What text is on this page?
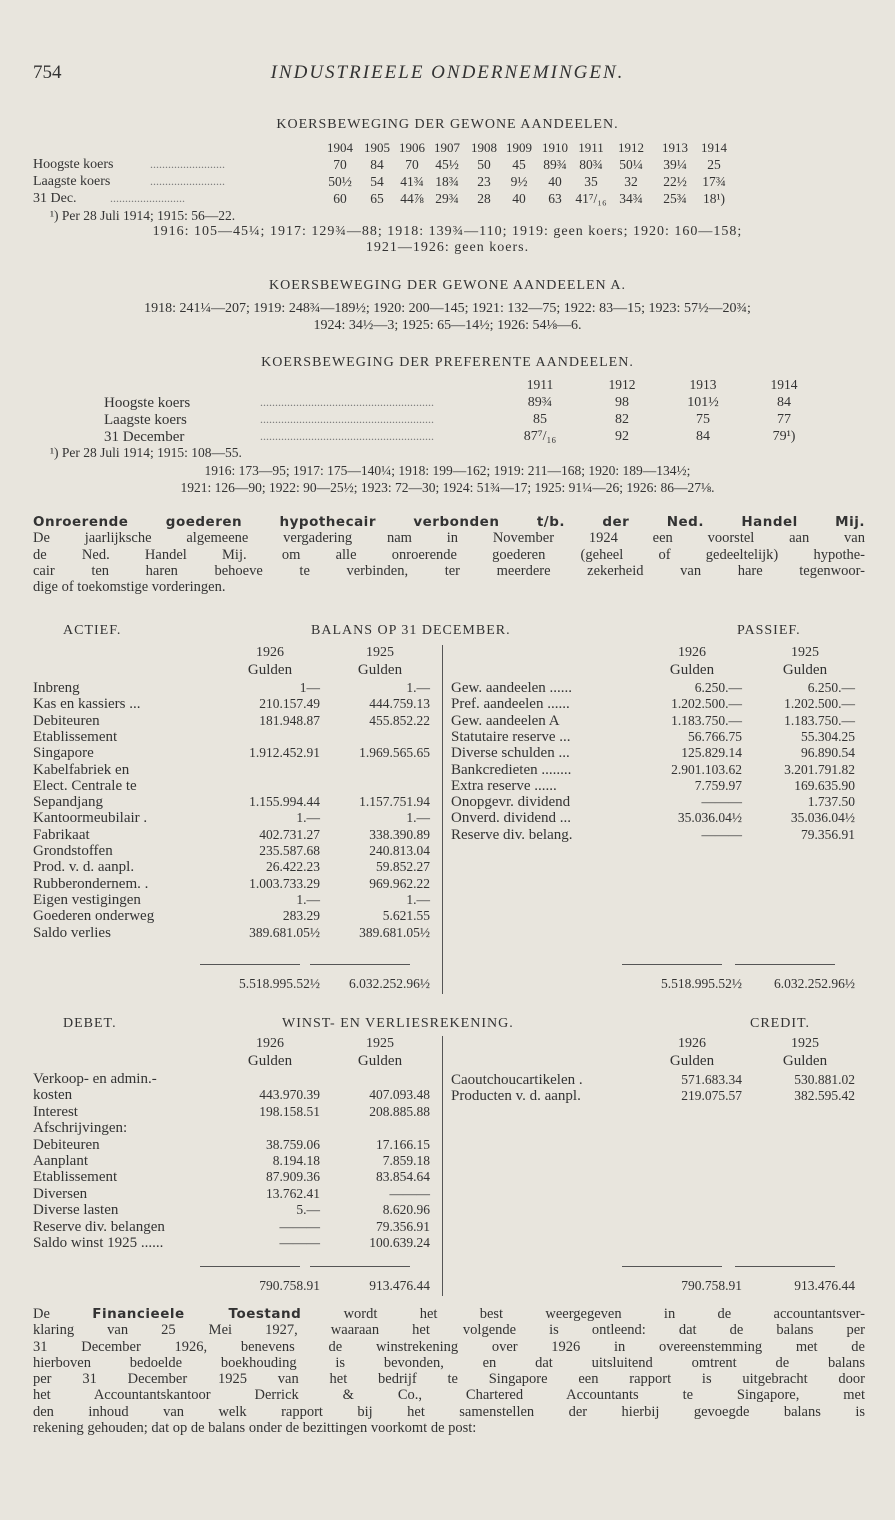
INDUSTRIEELE ONDERNEMINGEN.
754
KOERSBEWEGING DER GEWONE AANDEELEN.
1904 1905 1906 1907 1908 1909 1910 1911	1912	1913	1914
Hoogste koers	.........................	70	84	70	45½	50	45	89¾ 80¾	50¼	39¼	25
Laagste koers	.........................	50½	54	41¾ 18¾	23	9½	40	35	32	22½	17¾
31 Dec.	.........................	60	65	44⅞ 29¾	28	40	63	41⁷/₁₆ 34¾	25¾	18¹)
¹) Per 28 Juli 1914; 1915: 56—22.
1916: 105—45¼; 1917: 129¾—88; 1918: 139¾—110; 1919: geen koers; 1920: 160—158;
1921—1926: geen koers.
KOERSBEWEGING DER GEWONE AANDEELEN A.
1918: 241¼—207; 1919: 248¾—189½; 1920: 200—145; 1921: 132—75; 1922: 83—15; 1923: 57½—20¾;
1924: 34½—3; 1925: 65—14½; 1926: 54⅛—6.
KOERSBEWEGING DER PREFERENTE AANDEELEN.
1911	1912	1913	1914
Hoogste koers	..........................................................	89¾	98	101½	84
Laagste koers	..........................................................	85	82	75	77
31 December	..........................................................	87⁷/₁₆	92	84	79¹)
¹) Per 28 Juli 1914; 1915: 108—55.
1916: 173—95; 1917: 175—140¼; 1918: 199—162; 1919: 211—168; 1920: 189—134½;
1921: 126—90; 1922: 90—25½; 1923: 72—30; 1924: 51¾—17; 1925: 91¼—26; 1926: 86—27⅛.
Onroerende goederen hypothecair verbonden t/b. der Ned. Handel Mij.
De jaarlijksche algemeene vergadering nam in November 1924 een voorstel aan van
de Ned. Handel Mij. om alle onroerende goederen (geheel of gedeeltelijk) hypothe-
cair ten haren behoeve te verbinden, ter meerdere zekerheid van hare tegenwoor-
dige of toekomstige vorderingen.
ACTIEF.	BALANS OP 31 DECEMBER.	PASSIEF.
1926
Gulden
1925
Gulden
1926
Gulden
1925
Gulden
Inbreng	1—	1.—
Kas en kassiers ...	210.157.49	444.759.13
Debiteuren	181.948.87	455.852.22
Etablissement
Singapore	1.912.452.91	1.969.565.65
Kabelfabriek en
Elect. Centrale te
Sepandjang	1.155.994.44	1.157.751.94
Kantoormeubilair .	1.—	1.—
Fabrikaat	402.731.27	338.390.89
Grondstoffen	235.587.68	240.813.04
Prod. v. d. aanpl.	26.422.23	59.852.27
Rubberondernem. .	1.003.733.29	969.962.22
Eigen vestigingen	1.—	1.—
Goederen onderweg	283.29	5.621.55
Saldo verlies	389.681.05½	389.681.05½
Gew. aandeelen ......	6.250.—	6.250.—
Pref. aandeelen ......	1.202.500.—	1.202.500.—
Gew. aandeelen A	1.183.750.—	1.183.750.—
Statutaire reserve ...	56.766.75	55.304.25
Diverse schulden ...	125.829.14	96.890.54
Bankcredieten ........	2.901.103.62	3.201.791.82
Extra reserve ......	7.759.97	169.635.90
Onopgevr. dividend	———	1.737.50
Onverd. dividend ...	35.036.04½	35.036.04½
Reserve div. belang.	———	79.356.91
5.518.995.52½	6.032.252.96½	5.518.995.52½	6.032.252.96½
DEBET.	WINST- EN VERLIESREKENING.	CREDIT.
1926
Gulden
1925
Gulden
1926
Gulden
1925
Gulden
Verkoop- en admin.-
kosten	443.970.39	407.093.48
Interest	198.158.51	208.885.88
Afschrijvingen:
Debiteuren	38.759.06	17.166.15
Aanplant	8.194.18	7.859.18
Etablissement	87.909.36	83.854.64
Diversen	13.762.41	———
Diverse lasten	5.—	8.620.96
Reserve div. belangen	———	79.356.91
Saldo winst 1925 ......	———	100.639.24
Caoutchoucartikelen .	571.683.34	530.881.02
Producten v. d. aanpl.	219.075.57	382.595.42
790.758.91	913.476.44	790.758.91	913.476.44
De	Financieele Toestand	wordt het best weergegeven in de accountantsver-
klaring van 25 Mei 1927, waaraan het volgende is ontleend: dat de balans per
31 December 1926, benevens de winstrekening over 1926 in overeenstemming met de
hierboven bedoelde boekhouding is bevonden, en dat uitsluitend omtrent de balans
per 31 December 1925 van het bedrijf te Singapore een rapport is uitgebracht door
het Accountantskantoor Derrick & Co., Chartered Accountants te Singapore, met
den inhoud van welk rapport bij het samenstellen der hierbij gevoegde balans is
rekening gehouden; dat op de balans onder de bezittingen voorkomt de post:
